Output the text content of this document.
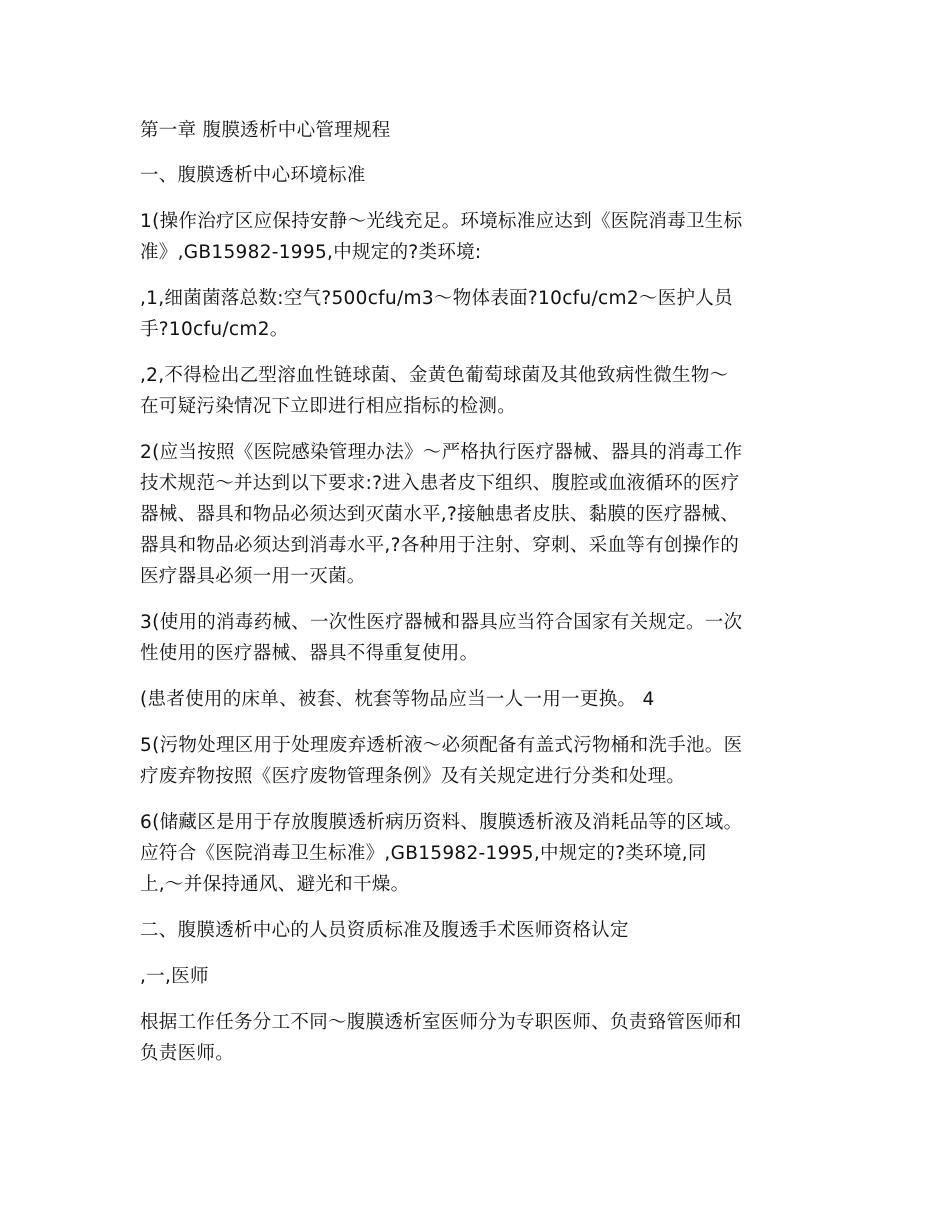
第一章 腹膜透析中心管理规程

一、腹膜透析中心环境标准

1(操作治疗区应保持安静～光线充足。环境标准应达到《医院消毒卫生标
准》,GB15982-1995,中规定的?类环境:

,1,细菌菌落总数:空气?500cfu/m3～物体表面?10cfu/cm2～医护人员
手?10cfu/cm2。

,2,不得检出乙型溶血性链球菌、金黄色葡萄球菌及其他致病性微生物～
在可疑污染情况下立即进行相应指标的检测。

2(应当按照《医院感染管理办法》～严格执行医疗器械、器具的消毒工作
技术规范～并达到以下要求:?进入患者皮下组织、腹腔或血液循环的医疗
器械、器具和物品必须达到灭菌水平,?接触患者皮肤、黏膜的医疗器械、
器具和物品必须达到消毒水平,?各种用于注射、穿刺、采血等有创操作的
医疗器具必须一用一灭菌。

3(使用的消毒药械、一次性医疗器械和器具应当符合国家有关规定。一次
性使用的医疗器械、器具不得重复使用。

(患者使用的床单、被套、枕套等物品应当一人一用一更换。 4

5(污物处理区用于处理废弃透析液～必须配备有盖式污物桶和洗手池。医
疗废弃物按照《医疗废物管理条例》及有关规定进行分类和处理。

6(储藏区是用于存放腹膜透析病历资料、腹膜透析液及消耗品等的区域。
应符合《医院消毒卫生标准》,GB15982-1995,中规定的?类环境,同
上,～并保持通风、避光和干燥。

二、腹膜透析中心的人员资质标准及腹透手术医师资格认定

,一,医师

根据工作任务分工不同～腹膜透析室医师分为专职医师、负责臵管医师和
负责医师。
